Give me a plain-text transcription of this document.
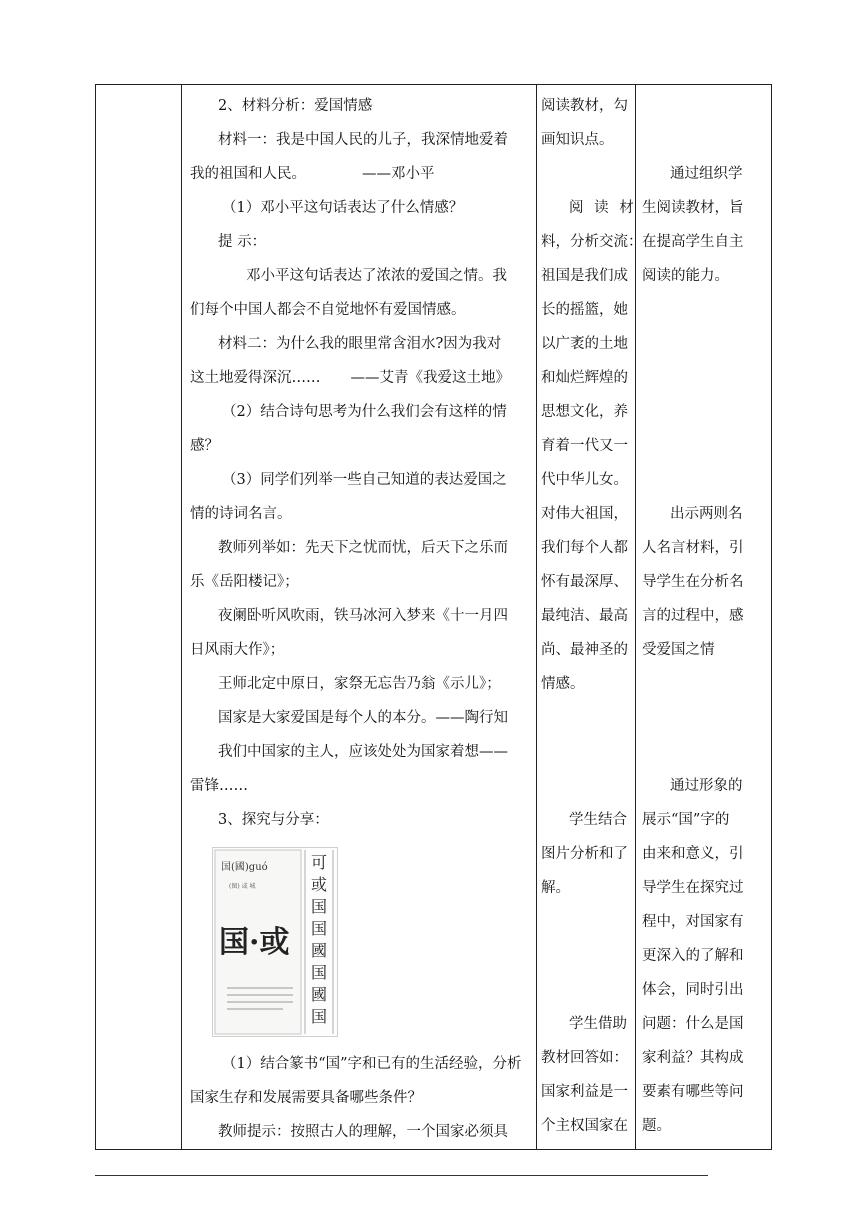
2、材料分析：爱国情感
材料一：我是中国人民的儿子，我深情地爱着
我的祖国和人民。	——邓小平
（1）邓小平这句话表达了什么情感？
提 示：
邓小平这句话表达了浓浓的爱国之情。我
们每个中国人都会不自觉地怀有爱国情感。
材料二：为什么我的眼里常含泪水?因为我对
这土地爱得深沉…… ——艾青《我爱这土地》
（2）结合诗句思考为什么我们会有这样的情
感？
（3）同学们列举一些自己知道的表达爱国之
情的诗词名言。
教师列举如：先天下之忧而忧，后天下之乐而
乐《岳阳楼记》；
夜阑卧听风吹雨，铁马冰河入梦来《十一月四
日风雨大作》；
王师北定中原日，家祭无忘告乃翁《示儿》；
国家是大家爱国是每个人的本分。——陶行知
我们中国家的主人，应该处处为国家着想——
雷锋……
3、探究与分享：
国(國)guó
(图) 或 城
国·或
可
或
国
国
國
国
國
国
（1）结合篆书“国”字和已有的生活经验，分析
国家生存和发展需要具备哪些条件？
教师提示：按照古人的理解，一个国家必须具

阅读教材，勾
画知识点。

阅 读 材
料，分析交流：
祖国是我们成
长的摇篮，她
以广袤的土地
和灿烂辉煌的
思想文化，养
育着一代又一
代中华儿女。
对伟大祖国，
我们每个人都
怀有最深厚、
最纯洁、最高
尚、最神圣的
情感。

学生结合
图片分析和了
解。

学生借助
教材回答如：
国家利益是一
个主权国家在

通过组织学
生阅读教材，旨
在提高学生自主
阅读的能力。

出示两则名
人名言材料，引
导学生在分析名
言的过程中，感
受爱国之情

通过形象的
展示“国”字的
由来和意义，引
导学生在探究过
程中，对国家有
更深入的了解和
体会，同时引出
问题：什么是国
家利益？其构成
要素有哪些等问
题。
